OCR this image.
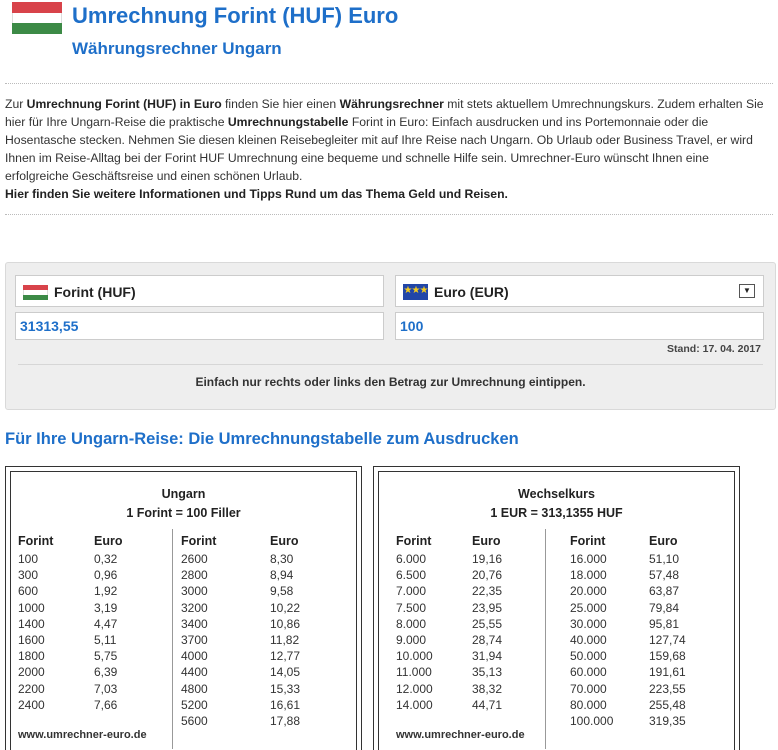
Umrechnung Forint (HUF) Euro
Währungsrechner Ungarn
Zur Umrechnung Forint (HUF) in Euro finden Sie hier einen Währungsrechner mit stets aktuellem Umrechnungskurs. Zudem erhalten Sie hier für Ihre Ungarn-Reise die praktische Umrechnungstabelle Forint in Euro: Einfach ausdrucken und ins Portemonnaie oder die Hosentasche stecken. Nehmen Sie diesen kleinen Reisebegleiter mit auf Ihre Reise nach Ungarn. Ob Urlaub oder Business Travel, er wird Ihnen im Reise-Alltag bei der Forint HUF Umrechnung eine bequeme und schnelle Hilfe sein. Umrechner-Euro wünscht Ihnen eine erfolgreiche Geschäftsreise und einen schönen Urlaub.
Hier finden Sie weitere Informationen und Tipps Rund um das Thema Geld und Reisen.
Forint (HUF)	★★★ Euro (EUR)	▼
31313,55	100
Stand: 17. 04. 2017
Einfach nur rechts oder links den Betrag zur Umrechnung eintippen.
Für Ihre Ungarn-Reise: Die Umrechnungstabelle zum Ausdrucken
Ungarn
1 Forint = 100 Filler
Forint	Euro	Forint	Euro
www.umrechner-euro.de
100	0,32
300	0,96
600	1,92
1000	3,19
1400	4,47
1600	5,11
1800	5,75
2000	6,39
2200	7,03
2400	7,66
2600	8,30
2800	8,94
3000	9,58
3200	10,22
3400	10,86
3700	11,82
4000	12,77
4400	14,05
4800	15,33
5200	16,61
5600	17,88
Wechselkurs
1 EUR = 313,1355 HUF
Forint	Euro	Forint	Euro
www.umrechner-euro.de
6.000	19,16
6.500	20,76
7.000	22,35
7.500	23,95
8.000	25,55
9.000	28,74
10.000	31,94
11.000	35,13
12.000	38,32
14.000	44,71
16.000	51,10
18.000	57,48
20.000	63,87
25.000	79,84
30.000	95,81
40.000	127,74
50.000	159,68
60.000	191,61
70.000	223,55
80.000	255,48
100.000	319,35
